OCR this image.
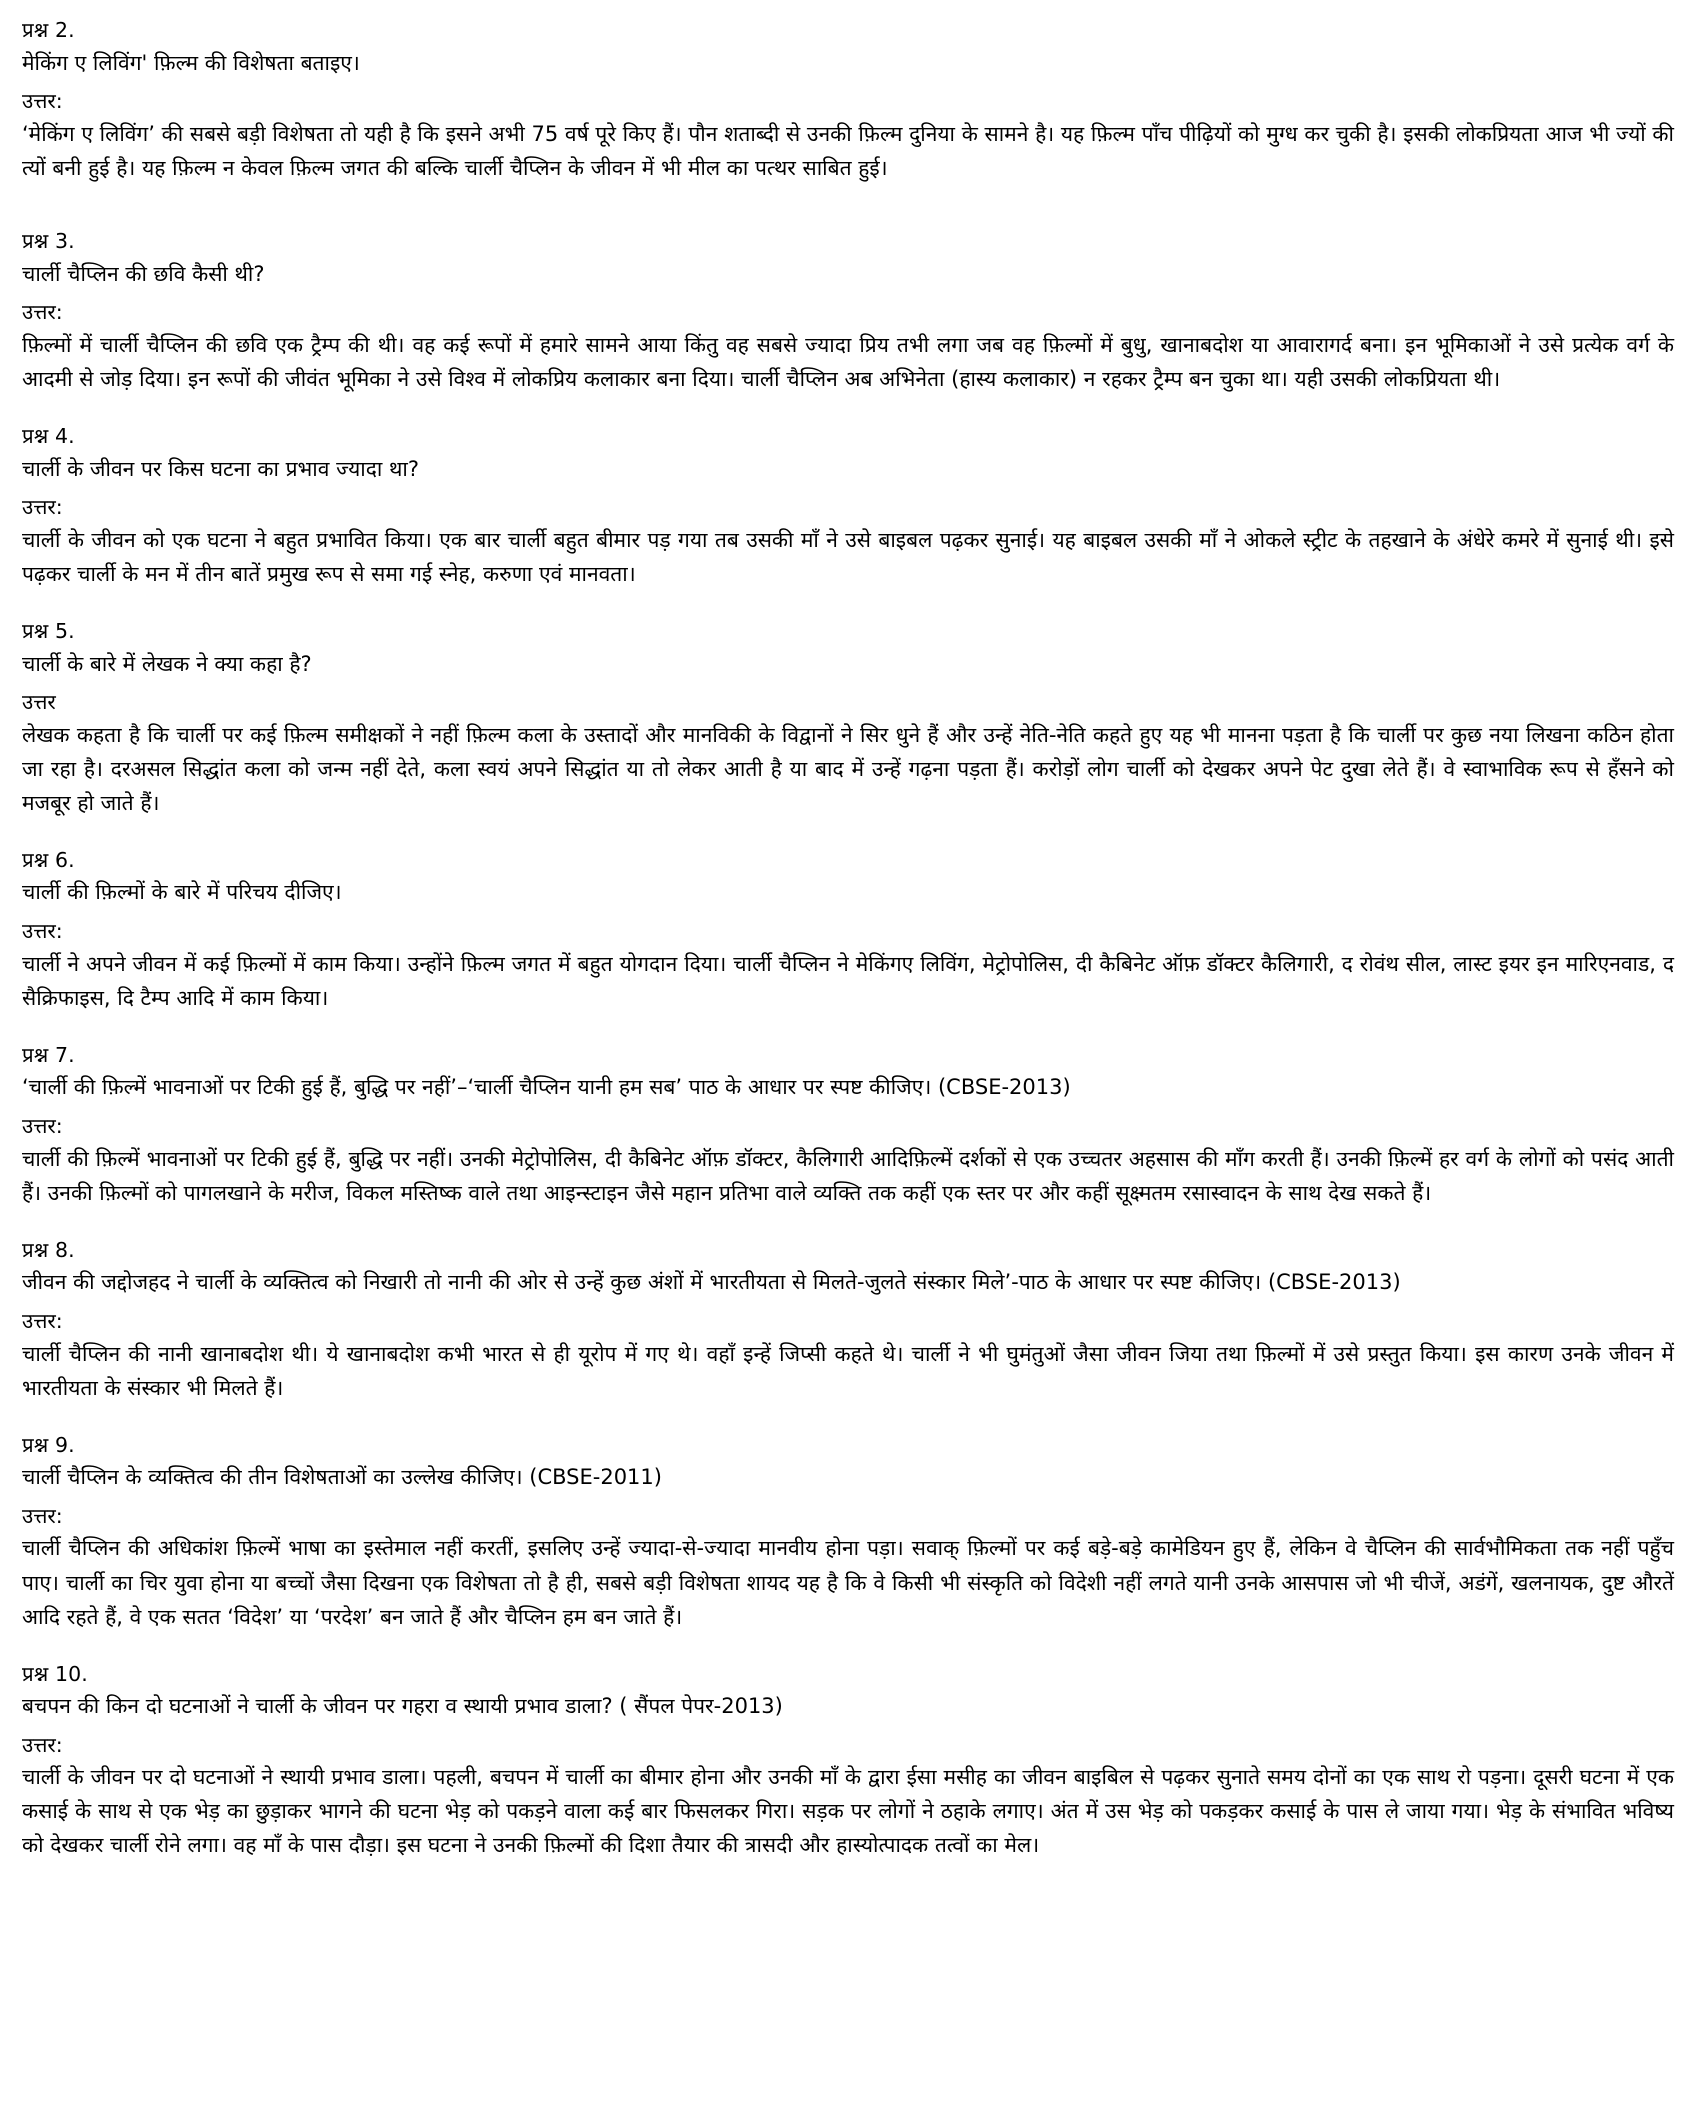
प्रश्न 2.

मेकिंग ए लिविंग' फ़िल्म की विशेषता बताइए।

उत्तर:

‘मेकिंग ए लिविंग’ की सबसे बड़ी विशेषता तो यही है कि इसने अभी 75 वर्ष पूरे किए हैं। पौन शताब्दी से उनकी फ़िल्म दुनिया के सामने है। यह फ़िल्म पाँच पीढ़ियों को मुग्ध कर चुकी है। इसकी लोकप्रियता आज भी ज्यों की त्यों बनी हुई है। यह फ़िल्म न केवल फ़िल्म जगत की बल्कि चार्ली चैप्लिन के जीवन में भी मील का पत्थर साबित हुई।

प्रश्न 3.

चार्ली चैप्लिन की छवि कैसी थी?

उत्तर:

फ़िल्मों में चार्ली चैप्लिन की छवि एक ट्रैम्प की थी। वह कई रूपों में हमारे सामने आया किंतु वह सबसे ज्यादा प्रिय तभी लगा जब वह फ़िल्मों में बुधु, खानाबदोश या आवारागर्द बना। इन भूमिकाओं ने उसे प्रत्येक वर्ग के आदमी से जोड़ दिया। इन रूपों की जीवंत भूमिका ने उसे विश्व में लोकप्रिय कलाकार बना दिया। चार्ली चैप्लिन अब अभिनेता (हास्य कलाकार) न रहकर ट्रैम्प बन चुका था। यही उसकी लोकप्रियता थी।

प्रश्न 4.

चार्ली के जीवन पर किस घटना का प्रभाव ज्यादा था?

उत्तर:

चार्ली के जीवन को एक घटना ने बहुत प्रभावित किया। एक बार चार्ली बहुत बीमार पड़ गया तब उसकी माँ ने उसे बाइबल पढ़कर सुनाई। यह बाइबल उसकी माँ ने ओकले स्ट्रीट के तहखाने के अंधेरे कमरे में सुनाई थी। इसे पढ़कर चार्ली के मन में तीन बातें प्रमुख रूप से समा गई स्नेह, करुणा एवं मानवता।

प्रश्न 5.

चार्ली के बारे में लेखक ने क्या कहा है?

उत्तर

लेखक कहता है कि चार्ली पर कई फ़िल्म समीक्षकों ने नहीं फ़िल्म कला के उस्तादों और मानविकी के विद्वानों ने सिर धुने हैं और उन्हें नेति-नेति कहते हुए यह भी मानना पड़ता है कि चार्ली पर कुछ नया लिखना कठिन होता जा रहा है। दरअसल सिद्धांत कला को जन्म नहीं देते, कला स्वयं अपने सिद्धांत या तो लेकर आती है या बाद में उन्हें गढ़ना पड़ता हैं। करोड़ों लोग चार्ली को देखकर अपने पेट दुखा लेते हैं। वे स्वाभाविक रूप से हँसने को मजबूर हो जाते हैं।

प्रश्न 6.

चार्ली की फ़िल्मों के बारे में परिचय दीजिए।

उत्तर:

चार्ली ने अपने जीवन में कई फ़िल्मों में काम किया। उन्होंने फ़िल्म जगत में बहुत योगदान दिया। चार्ली चैप्लिन ने मेकिंगए लिविंग, मेट्रोपोलिस, दी कैबिनेट ऑफ़ डॉक्टर कैलिगारी, द रोवंथ सील, लास्ट इयर इन मारिएनवाड, द सैक्रिफाइस, दि टैम्प आदि में काम किया।

प्रश्न 7.

‘चार्ली की फ़िल्में भावनाओं पर टिकी हुई हैं, बुद्धि पर नहीं’–‘चार्ली चैप्लिन यानी हम सब’ पाठ के आधार पर स्पष्ट कीजिए। (CBSE-2013)

उत्तर:

चार्ली की फ़िल्में भावनाओं पर टिकी हुई हैं, बुद्धि पर नहीं। उनकी मेट्रोपोलिस, दी कैबिनेट ऑफ़ डॉक्टर, कैलिगारी आदिफ़िल्में दर्शकों से एक उच्चतर अहसास की माँग करती हैं। उनकी फ़िल्में हर वर्ग के लोगों को पसंद आती हैं। उनकी फ़िल्मों को पागलखाने के मरीज, विकल मस्तिष्क वाले तथा आइन्स्टाइन जैसे महान प्रतिभा वाले व्यक्ति तक कहीं एक स्तर पर और कहीं सूक्ष्मतम रसास्वादन के साथ देख सकते हैं।

प्रश्न 8.

जीवन की जद्दोजहद ने चार्ली के व्यक्तित्व को निखारी तो नानी की ओर से उन्हें कुछ अंशों में भारतीयता से मिलते-जुलते संस्कार मिले’-पाठ के आधार पर स्पष्ट कीजिए। (CBSE-2013)

उत्तर:

चार्ली चैप्लिन की नानी खानाबदोश थी। ये खानाबदोश कभी भारत से ही यूरोप में गए थे। वहाँ इन्हें जिप्सी कहते थे। चार्ली ने भी घुमंतुओं जैसा जीवन जिया तथा फ़िल्मों में उसे प्रस्तुत किया। इस कारण उनके जीवन में भारतीयता के संस्कार भी मिलते हैं।

प्रश्न 9.

चार्ली चैप्लिन के व्यक्तित्व की तीन विशेषताओं का उल्लेख कीजिए। (CBSE-2011)

उत्तर:

चार्ली चैप्लिन की अधिकांश फ़िल्में भाषा का इस्तेमाल नहीं करतीं, इसलिए उन्हें ज्यादा-से-ज्यादा मानवीय होना पड़ा। सवाक् फ़िल्मों पर कई बड़े-बड़े कामेडियन हुए हैं, लेकिन वे चैप्लिन की सार्वभौमिकता तक नहीं पहुँच पाए। चार्ली का चिर युवा होना या बच्चों जैसा दिखना एक विशेषता तो है ही, सबसे बड़ी विशेषता शायद यह है कि वे किसी भी संस्कृति को विदेशी नहीं लगते यानी उनके आसपास जो भी चीजें, अडंगें, खलनायक, दुष्ट औरतें आदि रहते हैं, वे एक सतत ‘विदेश’ या ‘परदेश’ बन जाते हैं और चैप्लिन हम बन जाते हैं।

प्रश्न 10.

बचपन की किन दो घटनाओं ने चार्ली के जीवन पर गहरा व स्थायी प्रभाव डाला? ( सैंपल पेपर-2013)

उत्तर:

चार्ली के जीवन पर दो घटनाओं ने स्थायी प्रभाव डाला। पहली, बचपन में चार्ली का बीमार होना और उनकी माँ के द्वारा ईसा मसीह का जीवन बाइबिल से पढ़कर सुनाते समय दोनों का एक साथ रो पड़ना। दूसरी घटना में एक कसाई के साथ से एक भेड़ का छुड़ाकर भागने की घटना भेड़ को पकड़ने वाला कई बार फिसलकर गिरा। सड़क पर लोगों ने ठहाके लगाए। अंत में उस भेड़ को पकड़कर कसाई के पास ले जाया गया। भेड़ के संभावित भविष्य को देखकर चार्ली रोने लगा। वह माँ के पास दौड़ा। इस घटना ने उनकी फ़िल्मों की दिशा तैयार की त्रासदी और हास्योत्पादक तत्वों का मेल।
